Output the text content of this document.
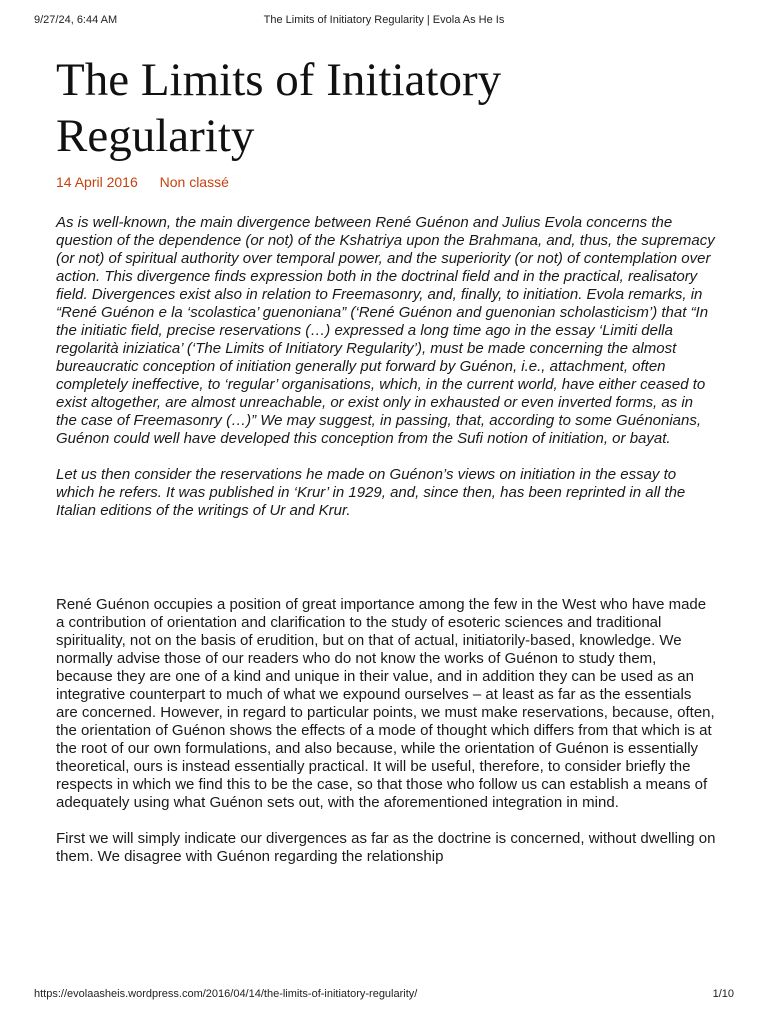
9/27/24, 6:44 AM	The Limits of Initiatory Regularity | Evola As He Is
The Limits of Initiatory Regularity
14 April 2016 Non classé

As is well-known, the main divergence between René Guénon and Julius Evola concerns the question of the dependence (or not) of the Kshatriya upon the Brahmana, and, thus, the supremacy (or not) of spiritual authority over temporal power, and the superiority (or not) of contemplation over action. This divergence finds expression both in the doctrinal field and in the practical, realisatory field. Divergences exist also in relation to Freemasonry, and, finally, to initiation. Evola remarks, in “René Guénon e la ‘scolastica’ guenoniana” (‘René Guénon and guenonian scholasticism’) that “In the initiatic field, precise reservations (…) expressed a long time ago in the essay ‘Limiti della regolarità iniziatica’ (‘The Limits of Initiatory Regularity’), must be made concerning the almost bureaucratic conception of initiation generally put forward by Guénon, i.e., attachment, often completely ineffective, to ‘regular’ organisations, which, in the current world, have either ceased to exist altogether, are almost unreachable, or exist only in exhausted or even inverted forms, as in the case of Freemasonry (…)” We may suggest, in passing, that, according to some Guénonians, Guénon could well have developed this conception from the Sufi notion of initiation, or bayat.

Let us then consider the reservations he made on Guénon’s views on initiation in the essay to which he refers. It was published in ‘Krur’ in 1929, and, since then, has been reprinted in all the Italian editions of the writings of Ur and Krur.

René Guénon occupies a position of great importance among the few in the West who have made a contribution of orientation and clarification to the study of esoteric sciences and traditional spirituality, not on the basis of erudition, but on that of actual, initiatorily-based, knowledge. We normally advise those of our readers who do not know the works of Guénon to study them, because they are one of a kind and unique in their value, and in addition they can be used as an integrative counterpart to much of what we expound ourselves – at least as far as the essentials are concerned. However, in regard to particular points, we must make reservations, because, often, the orientation of Guénon shows the effects of a mode of thought which differs from that which is at the root of our own formulations, and also because, while the orientation of Guénon is essentially theoretical, ours is instead essentially practical. It will be useful, therefore, to consider briefly the respects in which we find this to be the case, so that those who follow us can establish a means of adequately using what Guénon sets out, with the aforementioned integration in mind.

First we will simply indicate our divergences as far as the doctrine is concerned, without dwelling on them. We disagree with Guénon regarding the relationship

https://evolaasheis.wordpress.com/2016/04/14/the-limits-of-initiatory-regularity/	1/10
